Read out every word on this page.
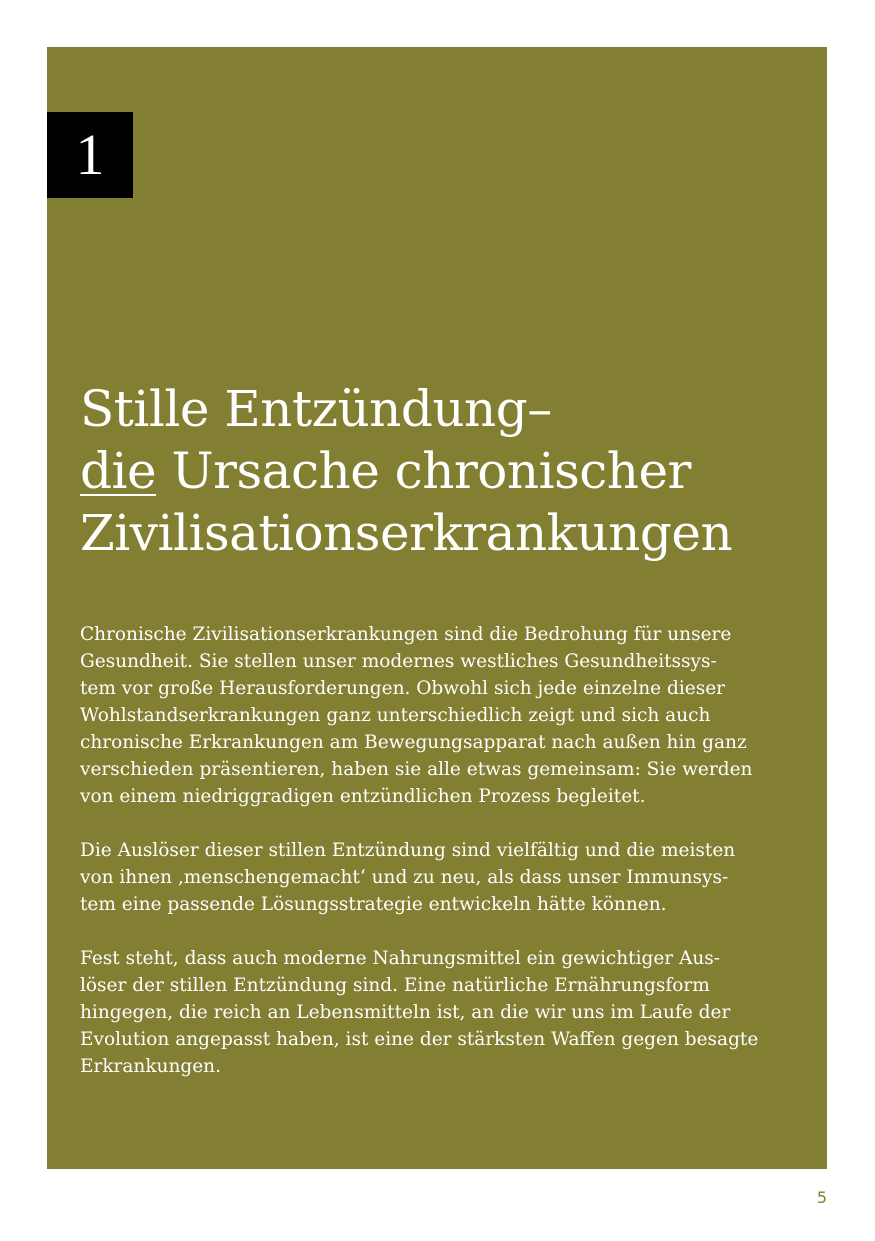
1
Stille Entzündung–
die Ursache chronischer
Zivilisationserkrankungen

Chronische Zivilisationserkrankungen sind die Bedrohung für unsere
Gesundheit. Sie stellen unser modernes westliches Gesundheitssys-
tem vor große Herausforderungen. Obwohl sich jede einzelne dieser
Wohlstandserkrankungen ganz unterschiedlich zeigt und sich auch
chronische Erkrankungen am Bewegungsapparat nach außen hin ganz
verschieden präsentieren, haben sie alle etwas gemeinsam: Sie werden
von einem niedriggradigen entzündlichen Prozess begleitet.

Die Auslöser dieser stillen Entzündung sind vielfältig und die meisten
von ihnen ‚menschengemacht‘ und zu neu, als dass unser Immunsys-
tem eine passende Lösungsstrategie entwickeln hätte können.

Fest steht, dass auch moderne Nahrungsmittel ein gewichtiger Aus-
löser der stillen Entzündung sind. Eine natürliche Ernährungsform
hingegen, die reich an Lebensmitteln ist, an die wir uns im Laufe der
Evolution angepasst haben, ist eine der stärksten Waffen gegen besagte
Erkrankungen.

5
